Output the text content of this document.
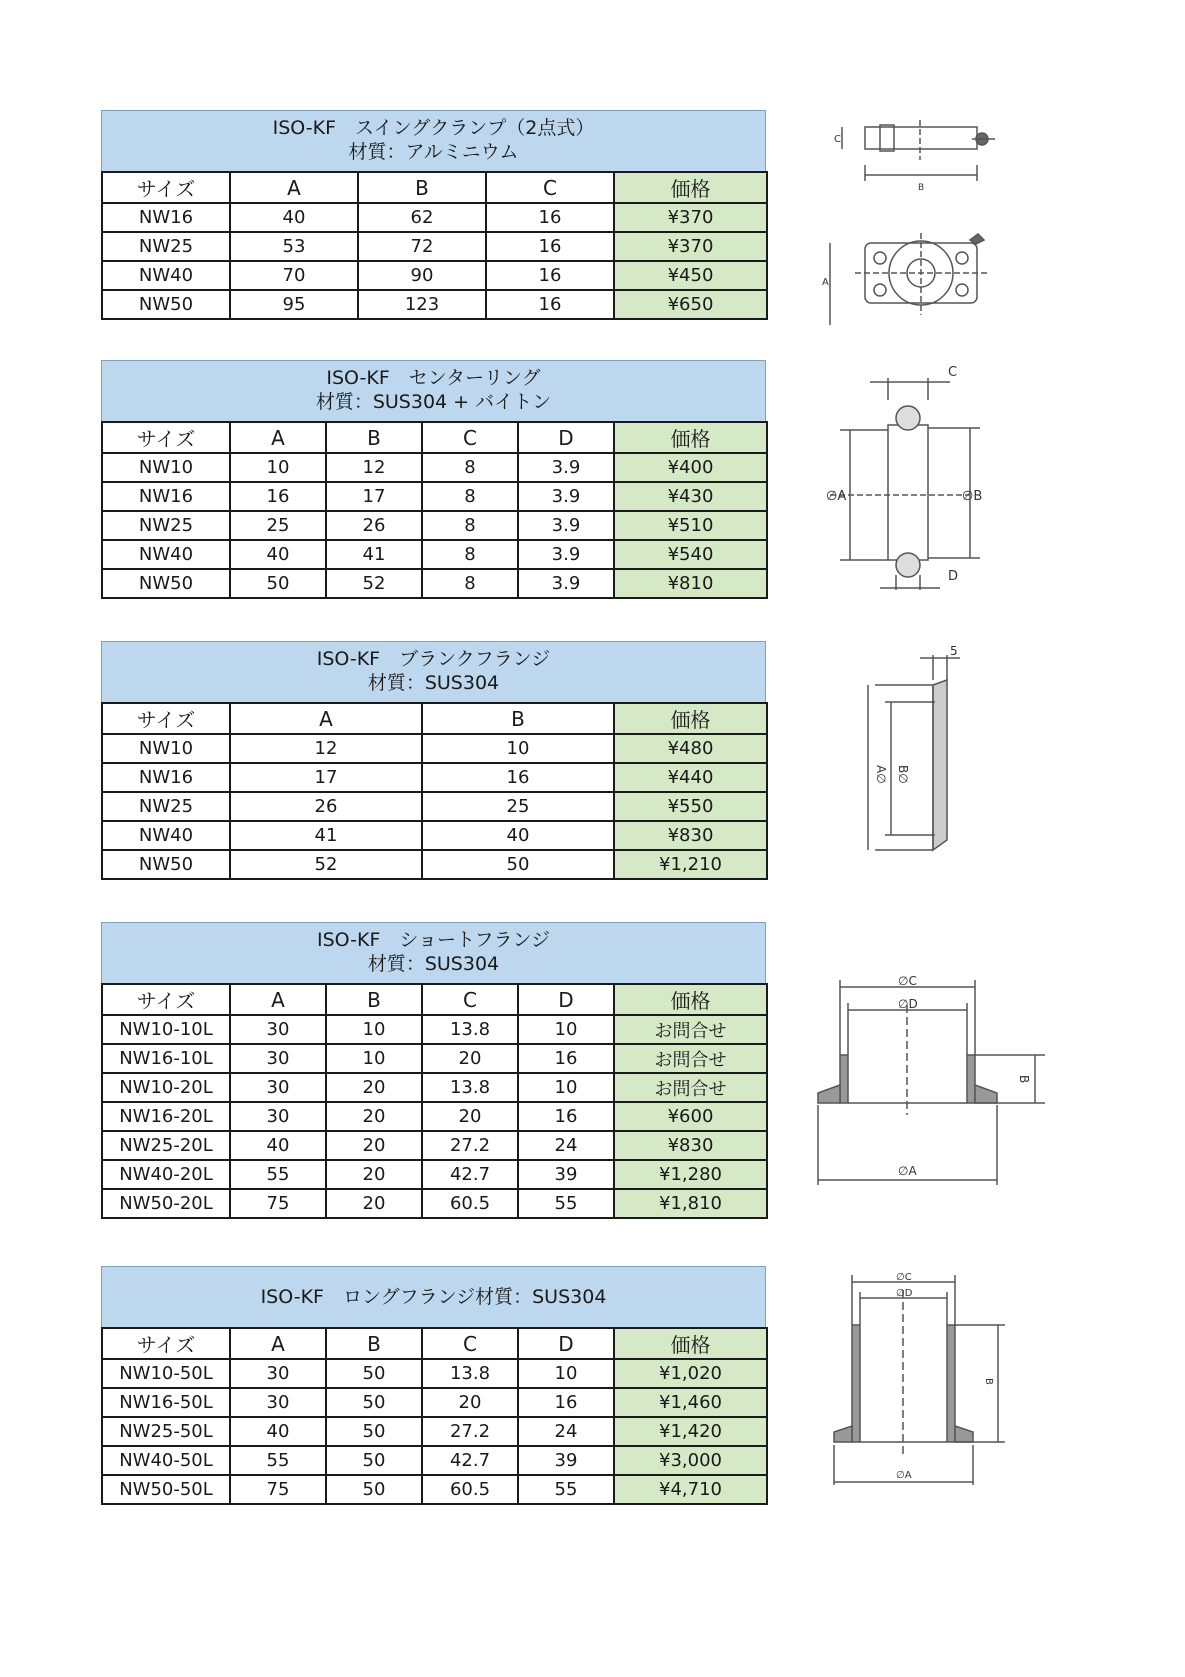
ISO-KF　スイングクランプ（2点式）
材質：アルミニウム
サイズ	A	B	C	価格
NW16	40	62	16	¥370
NW25	53	72	16	¥370
NW40	70	90	16	¥450
NW50	95	123	16	¥650
ISO-KF　センターリング
材質：SUS304 + バイトン
サイズ	A	B	C	D	価格
NW10	10	12	8	3.9	¥400
NW16	16	17	8	3.9	¥430
NW25	25	26	8	3.9	¥510
NW40	40	41	8	3.9	¥540
NW50	50	52	8	3.9	¥810
ISO-KF　ブランクフランジ
材質：SUS304
サイズ	A	B	価格
NW10	12	10	¥480
NW16	17	16	¥440
NW25	26	25	¥550
NW40	41	40	¥830
NW50	52	50	¥1,210
ISO-KF　ショートフランジ
材質：SUS304
サイズ	A	B	C	D	価格
NW10-10L	30	10	13.8	10	お問合せ
NW16-10L	30	10	20	16	お問合せ
NW10-20L	30	20	13.8	10	お問合せ
NW16-20L	30	20	20	16	¥600
NW25-20L	40	20	27.2	24	¥830
NW40-20L	55	20	42.7	39	¥1,280
NW50-20L	75	20	60.5	55	¥1,810
ISO-KF　ロングフランジ材質：SUS304
サイズ	A	B	C	D	価格
NW10-50L	30	50	13.8	10	¥1,020
NW16-50L	30	50	20	16	¥1,460
NW25-50L	40	50	27.2	24	¥1,420
NW40-50L	55	50	42.7	39	¥3,000
NW50-50L	75	50	60.5	55	¥4,710
C
B
A
C
∅A	∅B
D
5
A∅ B∅
∅C
∅D
B
∅A
∅C
∅D
B
∅A
